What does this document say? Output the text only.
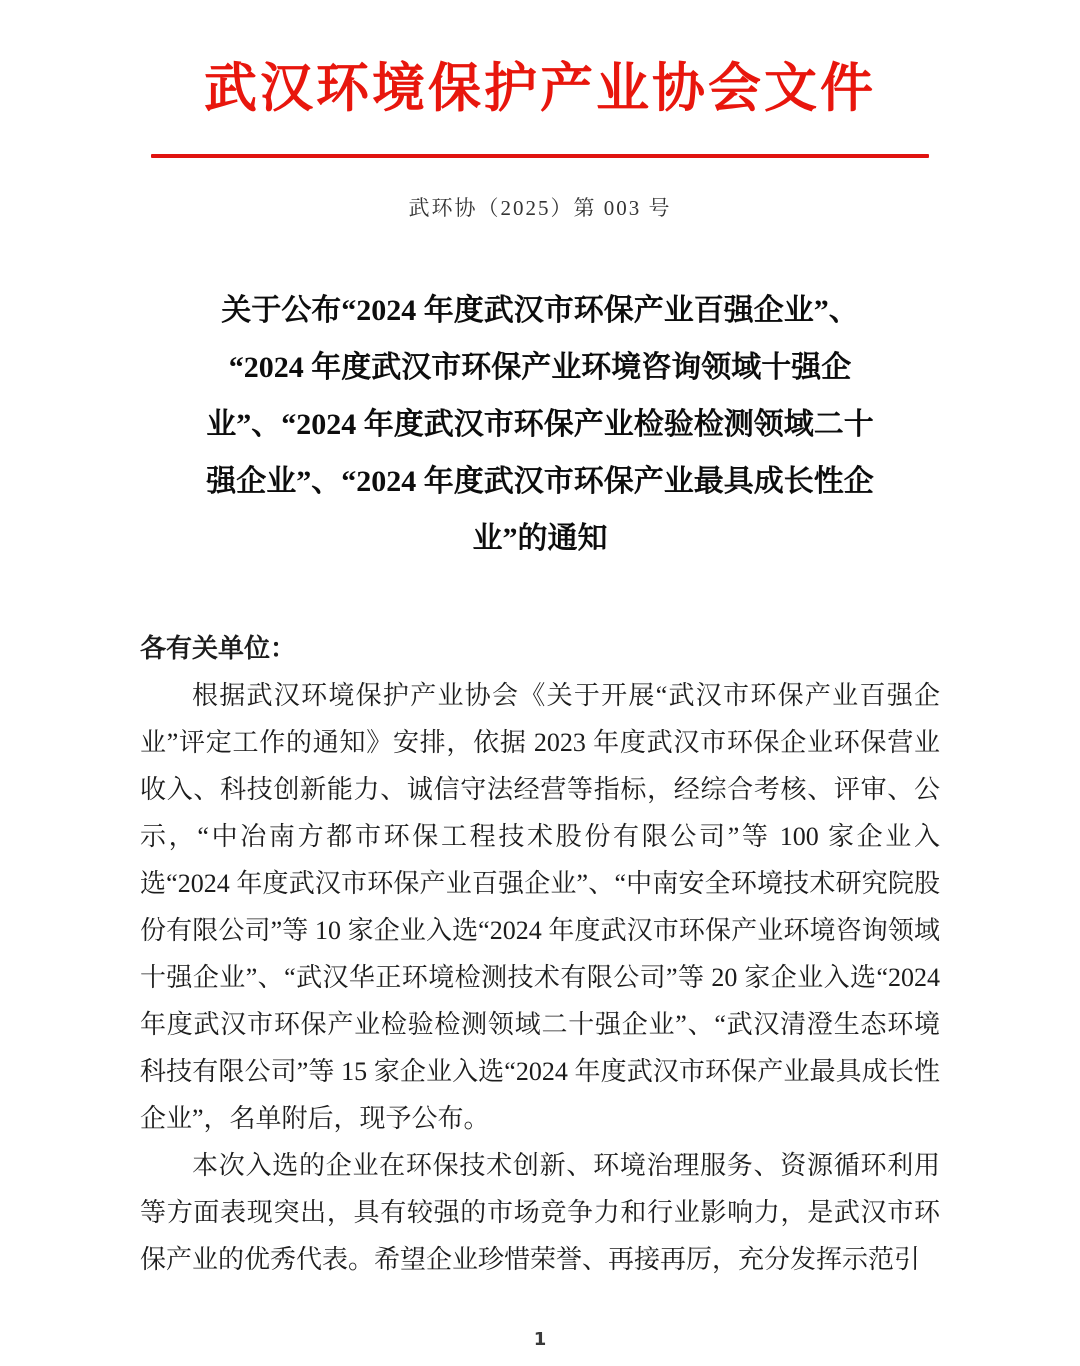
武汉环境保护产业协会文件
武环协（2025）第 003 号
关于公布“2024 年度武汉市环保产业百强企业”、
“2024 年度武汉市环保产业环境咨询领域十强企
业”、“2024 年度武汉市环保产业检验检测领域二十
强企业”、“2024 年度武汉市环保产业最具成长性企
业”的通知

各有关单位：

根据武汉环境保护产业协会《关于开展“武汉市环保产业百强企业”评定工作的通知》安排，依据 2023 年度武汉市环保企业环保营业收入、科技创新能力、诚信守法经营等指标，经综合考核、评审、公示，“中冶南方都市环保工程技术股份有限公司”等 100 家企业入选“2024 年度武汉市环保产业百强企业”、“中南安全环境技术研究院股份有限公司”等 10 家企业入选“2024 年度武汉市环保产业环境咨询领域十强企业”、“武汉华正环境检测技术有限公司”等 20 家企业入选“2024 年度武汉市环保产业检验检测领域二十强企业”、“武汉清澄生态环境科技有限公司”等 15 家企业入选“2024 年度武汉市环保产业最具成长性企业”，名单附后，现予公布。

本次入选的企业在环保技术创新、环境治理服务、资源循环利用等方面表现突出，具有较强的市场竞争力和行业影响力，是武汉市环保产业的优秀代表。希望企业珍惜荣誉、再接再厉，充分发挥示范引

1
